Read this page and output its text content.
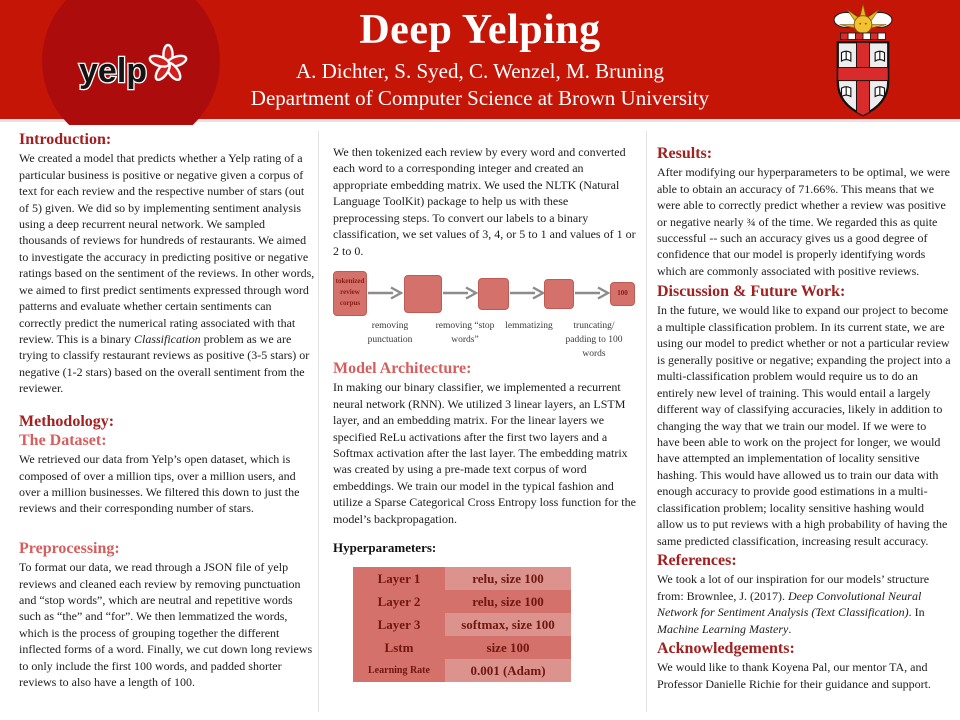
yelp
Deep Yelping
A. Dichter, S. Syed, C. Wenzel, M. Bruning
Department of Computer Science at Brown University
Introduction:

We created a model that predicts whether a Yelp rating of a particular business is positive or negative given a corpus of text for each review and the respective number of stars (out of 5) given. We did so by implementing sentiment analysis using a deep recurrent neural network. We sampled thousands of reviews for hundreds of restaurants. We aimed to investigate the accuracy in predicting positive or negative ratings based on the sentiment of the reviews. In other words, we aimed to first predict sentiments expressed through word patterns and evaluate whether certain sentiments can correctly predict the numerical rating associated with that review. This is a binary Classification problem as we are trying to classify restaurant reviews as positive (3-5 stars) or negative (1-2 stars) based on the overall sentiment from the reviewer.

Methodology:
The Dataset:

We retrieved our data from Yelp’s open dataset, which is composed of over a million tips, over a million users, and over a million businesses. We filtered this down to just the reviews and their corresponding number of stars.

Preprocessing:

To format our data, we read through a JSON file of yelp reviews and cleaned each review by removing punctuation and “stop words”, which are neutral and repetitive words such as “the” and “for”. We then lemmatized the words, which is the process of grouping together the different inflected forms of a word. Finally, we cut down long reviews to only include the first 100 words, and padded shorter reviews to also have a length of 100.

We then tokenized each review by every word and converted each word to a corresponding integer and created an appropriate embedding matrix. We used the NLTK (Natural Language ToolKit) package to help us with these preprocessing steps. To convert our labels to a binary classification, we set values of 3, 4, or 5 to 1 and values of 1 or 2 to 0.

tokenized review corpus
100
removing punctuation
removing “stop words”
lemmatizing	truncating/ padding to 100 words
Model Architecture:

In making our binary classifier, we implemented a recurrent neural network (RNN). We utilized 3 linear layers, an LSTM layer, and an embedding matrix. For the linear layers we specified ReLu activations after the first two layers and a Softmax activation after the last layer. The embedding matrix was created by using a pre-made text corpus of word embeddings. We train our model in the typical fashion and utilize a Sparse Categorical Cross Entropy loss function for the model’s backpropagation.

Hyperparameters:
Layer 1	relu, size 100
Layer 2	relu, size 100
Layer 3	softmax, size 100
Lstm	size 100
Learning Rate	0.001 (Adam)
Results:

After modifying our hyperparameters to be optimal, we were able to obtain an accuracy of 71.66%. This means that we were able to correctly predict whether a review was positive or negative nearly ¾ of the time. We regarded this as quite successful -- such an accuracy gives us a good degree of confidence that our model is properly identifying words which are commonly associated with positive reviews.

Discussion & Future Work:

In the future, we would like to expand our project to become a multiple classification problem. In its current state, we are using our model to predict whether or not a particular review is generally positive or negative; expanding the project into a multi-classification problem would require us to do an entirely new level of training. This would entail a largely different way of classifying accuracies, likely in addition to changing the way that we train our model. If we were to have been able to work on the project for longer, we would have attempted an implementation of locality sensitive hashing. This would have allowed us to train our data with enough accuracy to provide good estimations in a multi-classification problem; locality sensitive hashing would allow us to put reviews with a high probability of having the same predicted classification, increasing result accuracy.

References:

We took a lot of our inspiration for our models’ structure from: Brownlee, J. (2017). Deep Convolutional Neural Network for Sentiment Analysis (Text Classification). In Machine Learning Mastery.

Acknowledgements:

We would like to thank Koyena Pal, our mentor TA, and Professor Danielle Richie for their guidance and support.
